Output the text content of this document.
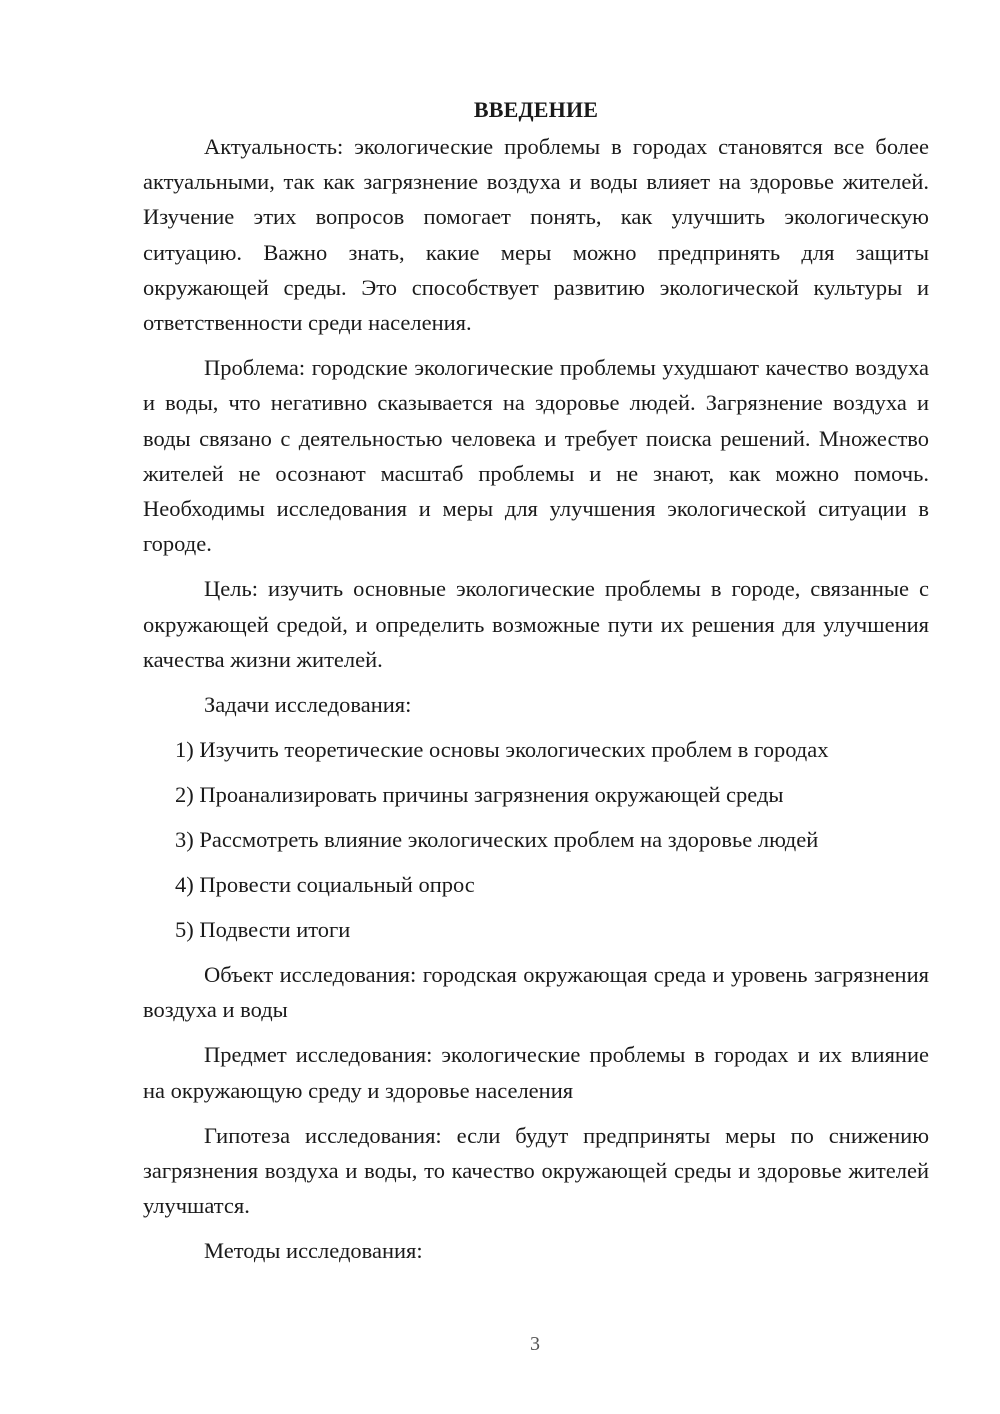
ВВЕДЕНИЕ

Актуальность: экологические проблемы в городах становятся все более актуальными, так как загрязнение воздуха и воды влияет на здоровье жителей. Изучение этих вопросов помогает понять, как улучшить экологическую ситуацию. Важно знать, какие меры можно предпринять для защиты окружающей среды. Это способствует развитию экологической культуры и ответственности среди населения.

Проблема: городские экологические проблемы ухудшают качество воздуха и воды, что негативно сказывается на здоровье людей. Загрязнение воздуха и воды связано с деятельностью человека и требует поиска решений. Множество жителей не осознают масштаб проблемы и не знают, как можно помочь. Необходимы исследования и меры для улучшения экологической ситуации в городе.

Цель: изучить основные экологические проблемы в городе, связанные с окружающей средой, и определить возможные пути их решения для улучшения качества жизни жителей.

Задачи исследования:

1) Изучить теоретические основы экологических проблем в городах
2) Проанализировать причины загрязнения окружающей среды
3) Рассмотреть влияние экологических проблем на здоровье людей
4) Провести социальный опрос
5) Подвести итоги

Объект исследования: городская окружающая среда и уровень загрязнения воздуха и воды

Предмет исследования: экологические проблемы в городах и их влияние на окружающую среду и здоровье населения

Гипотеза исследования: если будут предприняты меры по снижению загрязнения воздуха и воды, то качество окружающей среды и здоровье жителей улучшатся.

Методы исследования:

3
